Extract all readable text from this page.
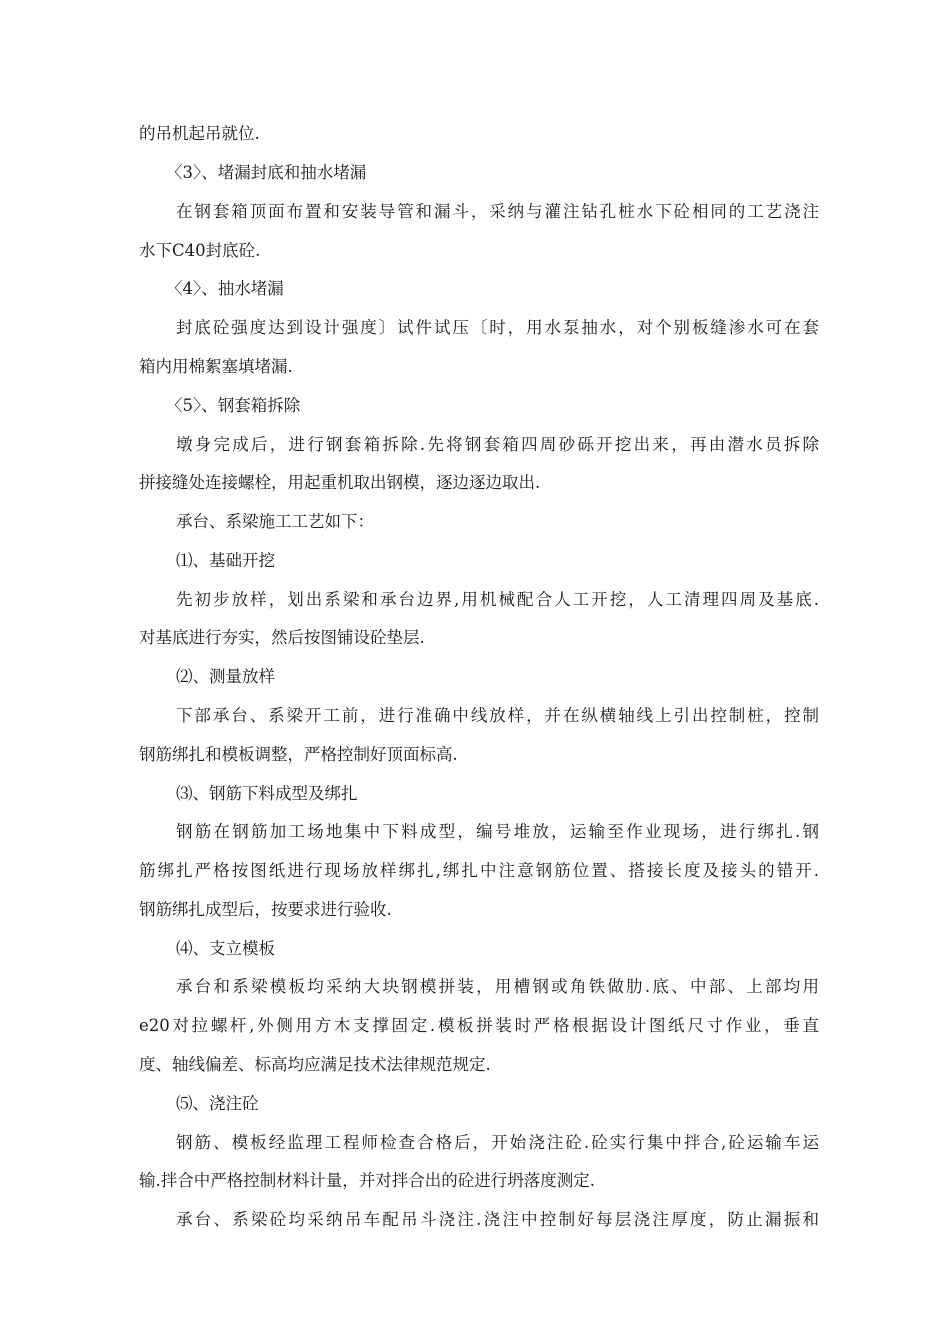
的吊机起吊就位.
〈3〉、堵漏封底和抽水堵漏
在钢套箱顶面布置和安装导管和漏斗，采纳与灌注钻孔桩水下砼相同的工艺浇注
水下C40封底砼.
〈4〉、抽水堵漏
封底砼强度达到设计强度〕试件试压〔时，用水泵抽水，对个别板缝渗水可在套
箱内用棉絮塞填堵漏.
〈5〉、钢套箱拆除
墩身完成后，进行钢套箱拆除.先将钢套箱四周砂砾开挖出来，再由潜水员拆除
拼接缝处连接螺栓，用起重机取出钢模，逐边逐边取出.
承台、系梁施工工艺如下：
⑴、基础开挖
先初步放样，划出系梁和承台边界,用机械配合人工开挖，人工清理四周及基底.
对基底进行夯实，然后按图铺设砼垫层.
⑵、测量放样
下部承台、系梁开工前，进行准确中线放样，并在纵横轴线上引出控制桩，控制
钢筋绑扎和模板调整，严格控制好顶面标高.
⑶、钢筋下料成型及绑扎
钢筋在钢筋加工场地集中下料成型，编号堆放，运输至作业现场，进行绑扎.钢
筋绑扎严格按图纸进行现场放样绑扎,绑扎中注意钢筋位置、搭接长度及接头的错开.
钢筋绑扎成型后，按要求进行验收.
⑷、支立模板
承台和系梁模板均采纳大块钢模拼装，用槽钢或角铁做肋.底、中部、上部均用
e20对拉螺杆,外侧用方木支撑固定.模板拼装时严格根据设计图纸尺寸作业，垂直
度、轴线偏差、标高均应满足技术法律规范规定.
⑸、浇注砼
钢筋、模板经监理工程师检查合格后，开始浇注砼.砼实行集中拌合,砼运输车运
输.拌合中严格控制材料计量，并对拌合出的砼进行坍落度测定.
承台、系梁砼均采纳吊车配吊斗浇注.浇注中控制好每层浇注厚度，防止漏振和
